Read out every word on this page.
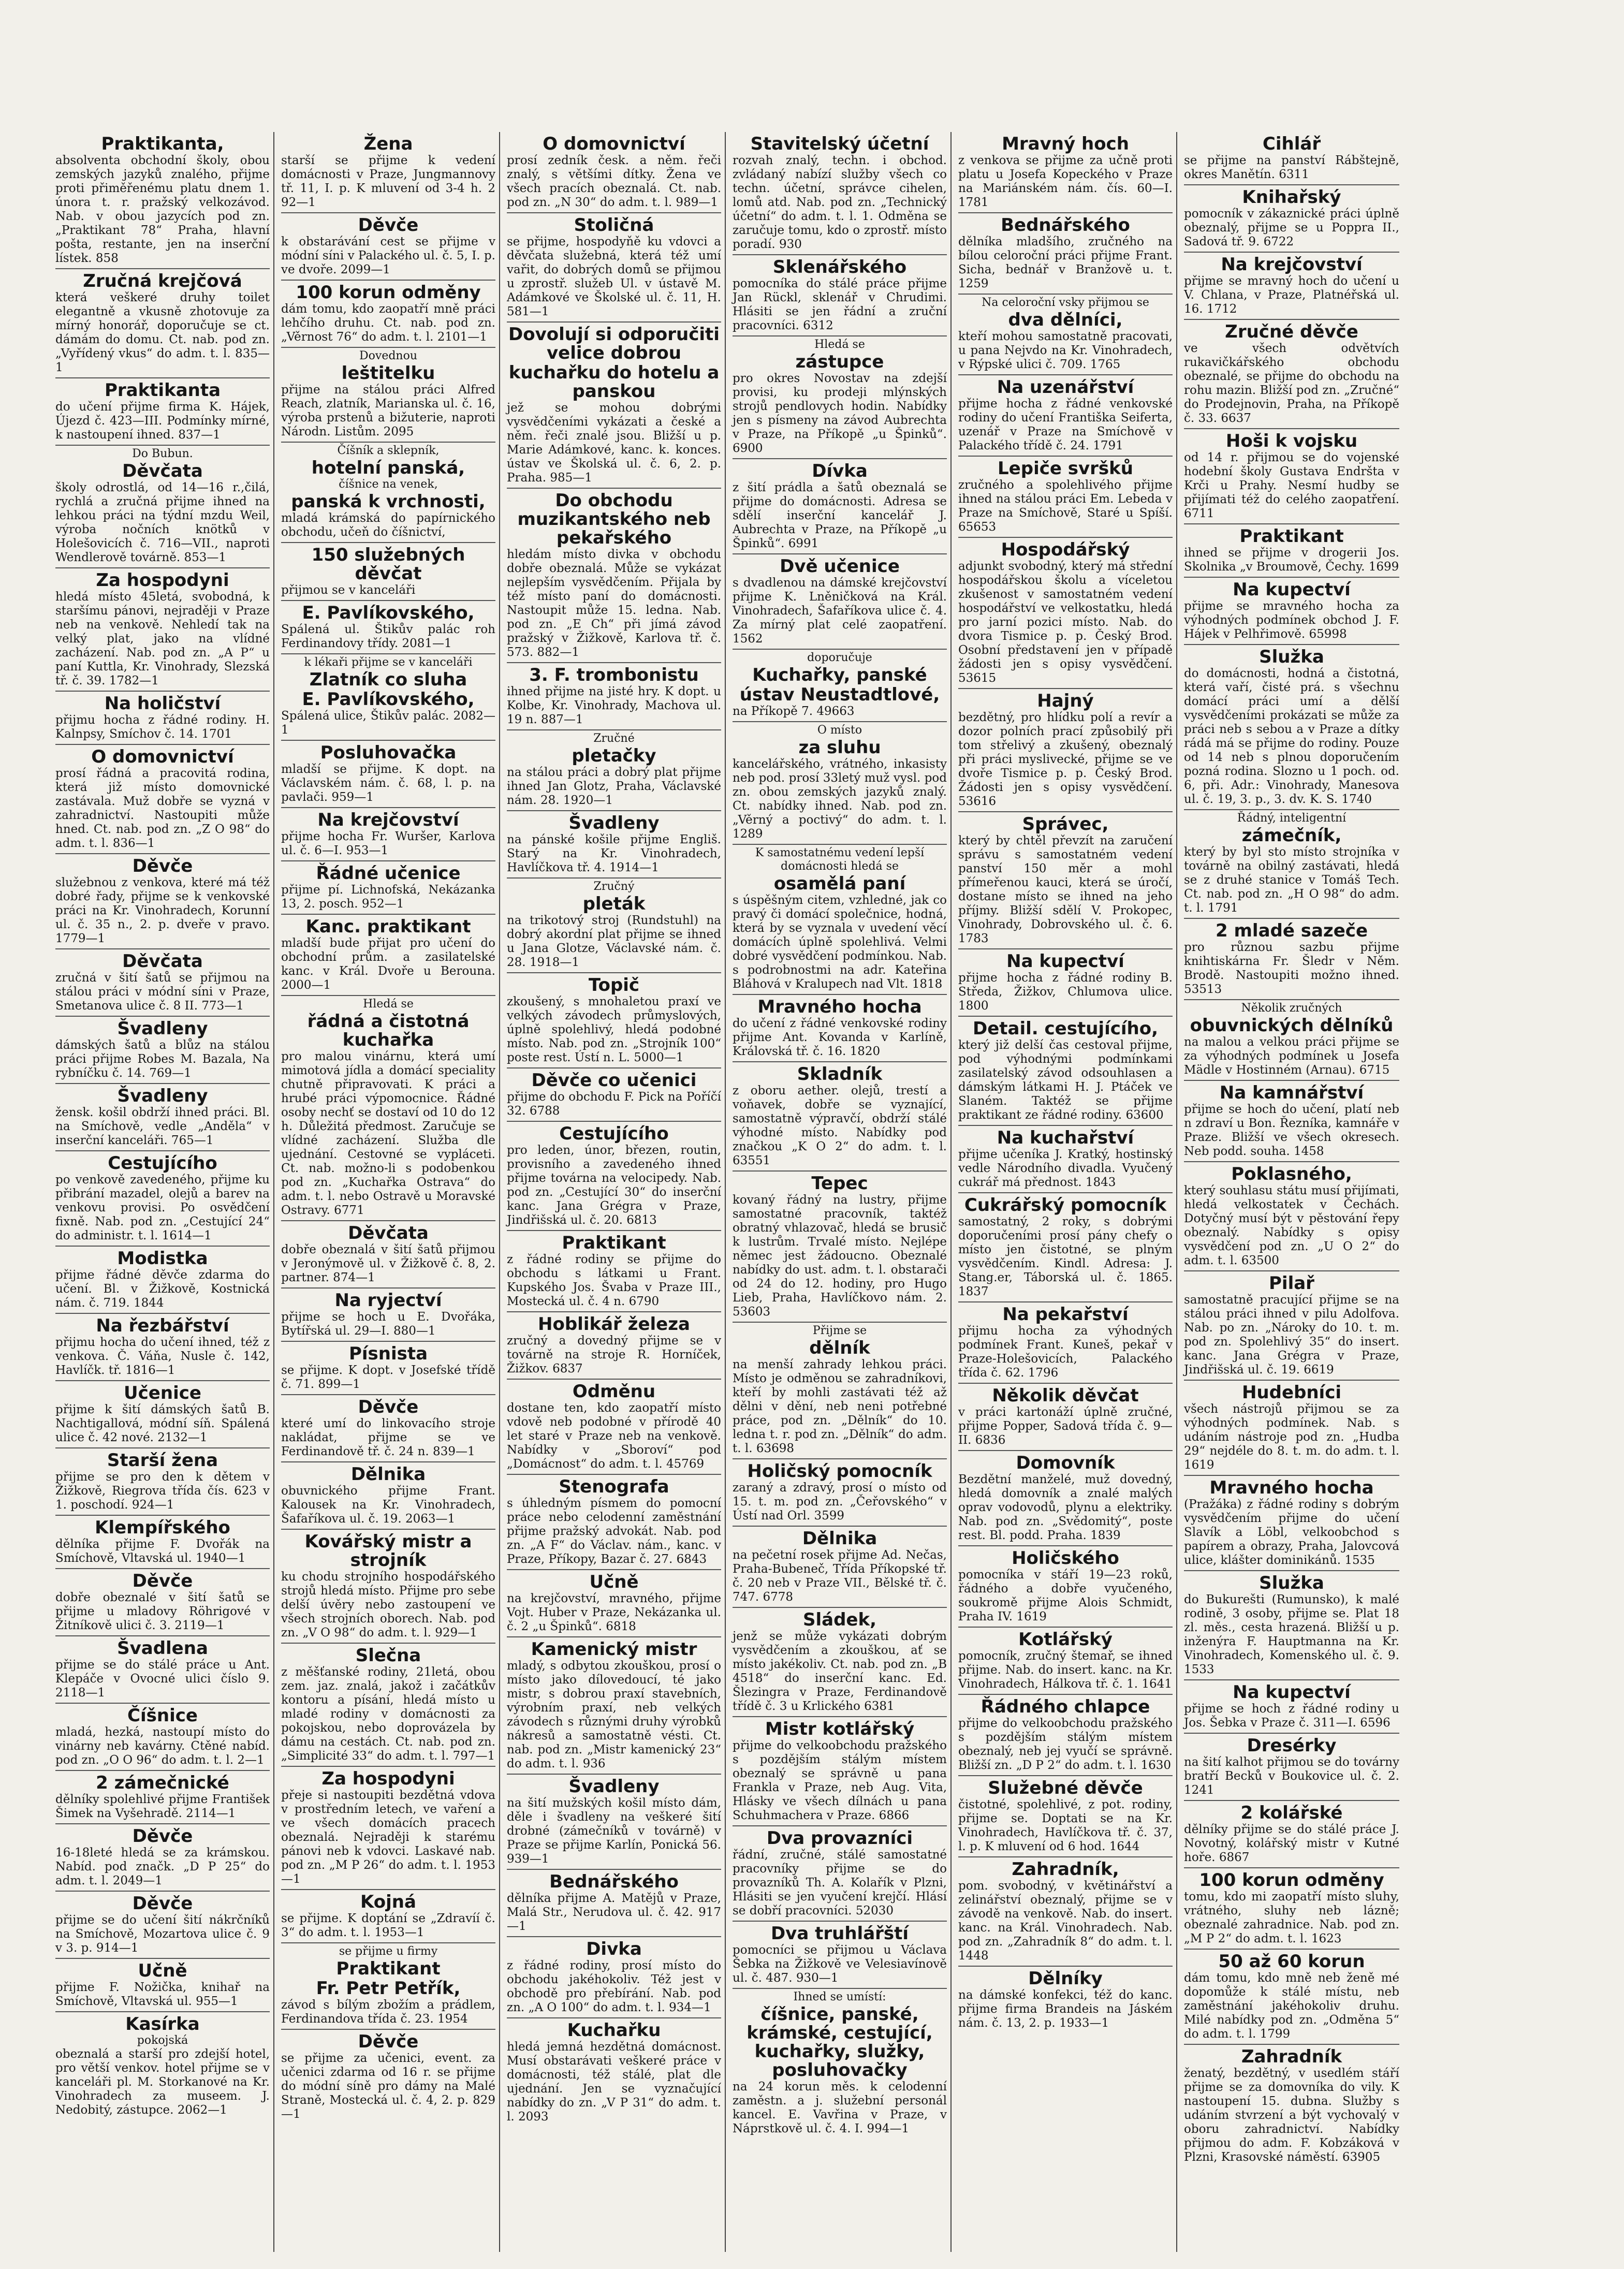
Praktikanta,
absolventa obchodní školy, obou zemských jazyků znalého, přijme proti přiměřenému platu dnem 1. února t. r. pražský velkozávod. Nab. v obou jazycích pod zn. „Praktikant 78“ Praha, hlavní pošta, restante, jen na inserční lístek. 858
Zručná krejčová
která veškeré druhy toilet elegantně a vkusně zhotovuje za mírný honorář, doporučuje se ct. dámám do domu. Ct. nab. pod zn. „Vyřídený vkus“ do adm. t. l. 835—1
Praktikanta
do učení přijme firma K. Hájek, Újezd č. 423—III. Podmínky mírné, k nastoupení ihned. 837—1
Do Bubun.
Děvčata
školy odrostlá, od 14—16 r.,čilá, rychlá a zručná přijme ihned na lehkou práci na týdní mzdu Weil, výroba nočních knötků v Holešovicích č. 716—VII., naproti Wendlerově továrně. 853—1
Za hospodyni
hledá místo 45letá, svobodná, k staršímu pánovi, nejraději v Praze neb na venkově. Nehledí tak na velký plat, jako na vlídné zacházení. Nab. pod zn. „A P“ u paní Kuttla, Kr. Vinohrady, Slezská tř. č. 39. 1782—1
Na holičství
přijmu hocha z řádné rodiny. H. Kalnpsy, Smíchov č. 14. 1701
O domovnictví
prosí řádná a pracovitá rodina, která již místo domovnické zastávala. Muž dobře se vyzná v zahradnictví. Nastoupiti může hned. Ct. nab. pod zn. „Z O 98“ do adm. t. l. 836—1
Děvče
služebnou z venkova, které má též dobré řady, přijme se k venkovské práci na Kr. Vinohradech, Korunní ul. č. 35 n., 2. p. dveře v pravo. 1779—1
Děvčata
zručná v šití šatů se přijmou na stálou práci v módní síni v Praze, Smetanova ulice č. 8 II. 773—1
Švadleny
dámských šatů a blůz na stálou práci přijme Robes M. Bazala, Na rybníčku č. 14. 769—1
Švadleny
žensk. košil obdrží ihned práci. Bl. na Smíchově, vedle „Anděla“ v inserční kanceláři. 765—1
Cestujícího
po venkově zavedeného, přijme ku přibrání mazadel, olejů a barev na venkovu provisi. Po osvědčení fixně. Nab. pod zn. „Cestující 24“ do administr. t. l. 1614—1
Modistka
přijme řádné děvče zdarma do učení. Bl. v Žižkově, Kostnická nám. č. 719. 1844
Na řezbářství
přijmu hocha do učení ihned, též z venkova. Č. Váňa, Nusle č. 142, Havlíčk. tř. 1816—1
Učenice
přijme k šití dámských šatů B. Nachtigallová, módní síň. Spálená ulice č. 42 nové. 2132—1
Starší žena
přijme se pro den k dětem v Žižkově, Riegrova třída čís. 623 v 1. poschodí. 924—1
Klempířského
dělníka přijme F. Dvořák na Smíchově, Vltavská ul. 1940—1
Děvče
dobře obeznalé v šití šatů se přijme u mladovy Röhrigové v Žitníkově ulici č. 3. 2119—1
Švadlena
přijme se do stálé práce u Ant. Klepáče v Ovocné ulici číslo 9. 2118—1
Číšnice
mladá, hezká, nastoupí místo do vinárny neb kavárny. Ctěné nabíd. pod zn. „O O 96“ do adm. t. l. 2—1
2 zámečnické
dělníky spolehlivé přijme František Šimek na Vyšehradě. 2114—1
Děvče
16-18leté hledá se za krámskou. Nabíd. pod značk. „D P 25“ do adm. t. l. 2049—1
Děvče
přijme se do učení šití nákrčníků na Smíchově, Mozartova ulice č. 9 v 3. p. 914—1
Učně
přijme F. Nožička, knihař na Smíchově, Vltavská ul. 955—1
Kasírka
pokojská
obeznalá a starší pro zdejší hotel, pro větší venkov. hotel přijme se v kanceláři pl. M. Storkanové na Kr. Vinohradech za museem. J. Nedobitý, zástupce. 2062—1
Žena
starší se přijme k vedení domácnosti v Praze, Jungmannovy tř. 11, I. p. K mluvení od 3-4 h. 2 92—1
Děvče
k obstarávání cest se přijme v módní síni v Palackého ul. č. 5, I. p. ve dvoře. 2099—1
100 korun odměny
dám tomu, kdo zaopatří mně práci lehčího druhu. Ct. nab. pod zn. „Věrnost 76“ do adm. t. l. 2101—1
Dovednou
leštitelku
přijme na stálou práci Alfred Reach, zlatník, Marianska ul. č. 16, výroba prstenů a bižuterie, naproti Národn. Listům. 2095
Číšník a sklepník,
hotelní panská,
číšnice na venek,
panská k vrchnosti,
mladá krámská do papírnického obchodu, učeň do číšnictví,
150 služebných děvčat
přijmou se v kanceláři
E. Pavlíkovského,
Spálená ul. Štikův palác roh Ferdinandovy třídy. 2081—1
k lékaři přijme se v kanceláři
Zlatník co sluha
E. Pavlíkovského,
Spálená ulice, Štikův palác. 2082—1
Posluhovačka
mladší se přijme. K dopt. na Václavském nám. č. 68, l. p. na pavlači. 959—1
Na krejčovství
přijme hocha Fr. Wuršer, Karlova ul. č. 6—I. 953—1
Řádné učenice
přijme pí. Lichnofská, Nekázanka 13, 2. posch. 952—1
Kanc. praktikant
mladší bude přijat pro učení do obchodní prům. a zasilatelské kanc. v Král. Dvoře u Berouna. 2000—1
Hledá se
řádná a čistotná kuchařka
pro malou vinárnu, která umí mimotová jídla a domácí speciality chutně připravovati. K práci a hrubé práci výpomocnice. Řádné osoby nechť se dostaví od 10 do 12 h. Důležitá předmost. Zaručuje se vlídné zacházení. Služba dle ujednání. Cestovné se vypláceti. Ct. nab. možno-li s podobenkou pod zn. „Kuchařka Ostrava“ do adm. t. l. nebo Ostravě u Moravské Ostravy. 6771
Děvčata
dobře obeznalá v šití šatů přijmou v Jeronýmově ul. v Žižkově č. 8, 2. partner. 874—1
Na ryjectví
přijme se hoch u E. Dvořáka, Bytířská ul. 29—I. 880—1
Písnista
se přijme. K dopt. v Josefské třídě č. 71. 899—1
Děvče
které umí do linkovacího stroje nakládat, přijme se ve Ferdinandově tř. č. 24 n. 839—1
Dělnika
obuvnického přijme Frant. Kalousek na Kr. Vinohradech, Šafaříkova ul. č. 19. 2063—1
Kovářský mistr a strojník
ku chodu strojního hospodářského strojů hledá místo. Přijme pro sebe delší úvěry nebo zastoupení ve všech strojních oborech. Nab. pod zn. „V O 98“ do adm. t. l. 929—1
Slečna
z měšťanské rodiny, 21letá, obou zem. jaz. znalá, jakož i začátkův kontoru a písání, hledá místo u mladé rodiny v domácnosti za pokojskou, nebo doprovázela by dámu na cestách. Ct. nab. pod zn. „Simplicité 33“ do adm. t. l. 797—1
Za hospodyni
přeje si nastoupiti bezdětná vdova v prostředním letech, ve vaření a ve všech domácích pracech obeznalá. Nejraději k starému pánovi neb k vdovci. Laskavé nab. pod zn. „M P 26“ do adm. t. l. 1953—1
Kojná
se přijme. K doptání se „Zdravíí č. 3“ do adm. t. l. 1953—1
se přijme u firmy
Praktikant
Fr. Petr Petřík,
závod s bílým zbožím a prádlem, Ferdinandova třída č. 23. 1954
Děvče
se přijme za učenici, event. za učenici zdarma od 16 r. se přijme do módní síně pro dámy na Malé Straně, Mostecká ul. č. 4, 2. p. 829—1
O domovnictví
prosí zedník česk. a něm. řeči znalý, s většími dítky. Žena ve všech pracích obeznalá. Ct. nab. pod zn. „N 30“ do adm. t. l. 989—1
Stoličná
se přijme, hospodyňě ku vdovci a děvčata služebná, která též umí vařit, do dobrých domů se přijmou u zprostř. služeb Ul. v ústavě M. Adámkové ve Školské ul. č. 11, H. 581—1
Dovolují si odporučiti velice dobrou
kuchařku do hotelu a panskou
jež se mohou dobrými vysvědčeními vykázati a české a něm. řeči znalé jsou. Bližší u p. Marie Adámkové, kanc. k. konces. ústav ve Školská ul. č. 6, 2. p. Praha. 985—1
Do obchodu muzikantského neb pekařského
hledám místo divka v obchodu dobře obeznalá. Může se vykázat nejlepším vysvědčením. Přijala by též místo paní do domácnosti. Nastoupit může 15. ledna. Nab. pod zn. „E Ch“ při jímá závod pražský v Žižkově, Karlova tř. č. 573. 882—1
3. F. trombonistu
ihned přijme na jisté hry. K dopt. u Kolbe, Kr. Vinohrady, Machova ul. 19 n. 887—1
Zručné
pletačky
na stálou práci a dobrý plat přijme ihned Jan Glotz, Praha, Václavské nám. 28. 1920—1
Švadleny
na pánské košile přijme Engliš. Starý na Kr. Vinohradech, Havlíčkova tř. 4. 1914—1
Zručný
pleták
na trikotový stroj (Rundstuhl) na dobrý akordní plat přijme se ihned u Jana Glotze, Václavské nám. č. 28. 1918—1
Topič
zkoušený, s mnohaletou praxí ve velkých závodech průmyslových, úplně spolehlivý, hledá podobné místo. Nab. pod zn. „Strojník 100“ poste rest. Ústí n. L. 5000—1
Děvče co učenici
přijme do obchodu F. Pick na Poříčí 32. 6788
Cestujícího
pro leden, únor, březen, routin, provisního a zavedeného ihned přijme továrna na velocipedy. Nab. pod zn. „Cestující 30“ do inserční kanc. Jana Grégra v Praze, Jindřišská ul. č. 20. 6813
Praktikant
z řádné rodiny se přijme do obchodu s látkami u Frant. Kupského Jos. Švaba v Praze III., Mostecká ul. č. 4 n. 6790
Hoblikář železa
zručný a dovedný přijme se v továrně na stroje R. Horníček, Žižkov. 6837
Odměnu
dostane ten, kdo zaopatří místo vdově neb podobné v přírodě 40 let staré v Praze neb na venkově. Nabídky v „Sboroví“ pod „Domácnost“ do adm. t. l. 45769
Stenografa
s úhledným písmem do pomocní práce nebo celodenní zaměstnání přijme pražský advokát. Nab. pod zn. „A F“ do Václav. nám., kanc. v Praze, Příkopy, Bazar č. 27. 6843
Učně
na krejčovství, mravného, přijme Vojt. Huber v Praze, Nekázanka ul. č. 2 „u Špinků“. 6818
Kamenický mistr
mladý, s odbytou zkouškou, prosí o místo jako dílovedoucí, té jako mistr, s dobrou praxí stavebních, výrobním praxí, neb velkých závodech s různými druhy výrobků nákresů a samostatně vésti. Ct. nab. pod zn. „Mistr kamenický 23“ do adm. t. l. 936
Švadleny
na šití mužských košil místo dám, děle i švadleny na veškeré šití drobné (zámečníků v továrně) v Praze se přijme Karlín, Ponická 56. 939—1
Bednářského
dělníka přijme A. Matějů v Praze, Malá Str., Nerudova ul. č. 42. 917—1
Divka
z řádné rodiny, prosí místo do obchodu jakéhokoliv. Též jest v obchodě pro přebírání. Nab. pod zn. „A O 100“ do adm. t. l. 934—1
Kuchařku
hledá jemná hezdětná domácnost. Musí obstarávati veškeré práce v domácnosti, též stálé, plat dle ujednání. Jen se vyznačující nabídky do zn. „V P 31“ do adm. t. l. 2093
Stavitelský účetní
rozvah znalý, techn. i obchod. zvládaný nabízí služby všech co techn. účetní, správce cihelen, lomů atd. Nab. pod zn. „Technický účetní“ do adm. t. l. 1. Odměna se zaručuje tomu, kdo o zprostř. místo poradí. 930
Sklenářského
pomocníka do stálé práce přijme Jan Rückl, sklenář v Chrudimi. Hlásiti se jen řádní a zruční pracovníci. 6312
Hledá se
zástupce
pro okres Novostav na zdejší provisi, ku prodeji mlýnských strojů pendlovych hodin. Nabídky jen s písmeny na závod Aubrechta v Praze, na Příkopě „u Špinků“. 6900
Dívka
z šití prádla a šatů obeznalá se přijme do domácnosti. Adresa se sdělí inserční kancelář J. Aubrechta v Praze, na Příkopě „u Špinků“. 6991
Dvě učenice
s dvadlenou na dámské krejčovství přijme K. Lněničková na Král. Vinohradech, Šafaříkova ulice č. 4. Za mírný plat celé zaopatření. 1562
doporučuje
Kuchařky, panské
ústav Neustadtlové,
na Příkopě 7. 49663
O místo
za sluhu
kancelářského, vrátného, inkasisty neb pod. prosí 33letý muž vysl. pod zn. obou zemských jazyků znalý. Ct. nabídky ihned. Nab. pod zn. „Věrný a poctivý“ do adm. t. l. 1289
K samostatnému vedení lepší domácnosti hledá se
osamělá paní
s úspěšným citem, vzhledné, jak co pravý či domácí společnice, hodná, která by se vyznala v uvedení věcí domácích úplně spolehlivá. Velmi dobré vysvědčení podmínkou. Nab. s podrobnostmi na adr. Kateřina Bláhová v Kralupech nad Vlt. 1818
Mravného hocha
do učení z řádné venkovské rodiny přijme Ant. Kovanda v Karlíně, Královská tř. č. 16. 1820
Skladník
z oboru aether. olejů, trestí a voňavek, dobře se vyznající, samostatně výpravčí, obdrží stálé výhodné místo. Nabídky pod značkou „K O 2“ do adm. t. l. 63551
Tepec
kovaný řádný na lustry, přijme samostatné pracovník, taktéž obratný vhlazovač, hledá se brusič k lustrům. Trvalé místo. Nejlépe němec jest žádoucno. Obeznalé nabídky do ust. adm. t. l. obstarači od 24 do 12. hodiny, pro Hugo Lieb, Praha, Havlíčkovo nám. 2. 53603
Přijme se
dělník
na menší zahrady lehkou práci. Místo je odměnou se zahradníkovi, kteří by mohli zastávati též až dělni v dění, neb neni potřebné práce, pod zn. „Dělník“ do 10. ledna t. r. pod zn. „Dělník“ do adm. t. l. 63698
Holičský pomocník
zaraný a zdravý, prosí o místo od 15. t. m. pod zn. „Čeřovského“ v Ústí nad Orl. 3599
Dělnika
na pečetní rosek přijme Ad. Nečas, Praha-Bubeneč, Třída Příkopské tř. č. 20 neb v Praze VII., Bělské tř. č. 747. 6778
Sládek,
jenž se může vykázati dobrým vysvědčením a zkouškou, ať se místo jakékoliv. Ct. nab. pod zn. „B 4518“ do inserční kanc. Ed. Šlezingra v Praze, Ferdinandově třídě č. 3 u Krlického 6381
Mistr kotlářský
přijme do velkoobchodu pražského s pozdějším stálým místem obeznalý se správně u pana Frankla v Praze, neb Aug. Vita, Hlásky ve všech dílnách u pana Schuhmachera v Praze. 6866
Dva provazníci
řádní, zručné, stálé samostatné pracovníky přijme se do provazníků Th. A. Kolařík v Plzni, Hlásiti se jen vyučení krejčí. Hlásí se dobří pracovníci. 52030
Dva truhlářští
pomocníci se přijmou u Václava Šebka na Žižkově ve Velesiavínově ul. č. 487. 930—1
Ihned se umístí:
číšnice, panské, krámské, cestující, kuchařky, služky, posluhovačky
na 24 korun měs. k celodenní zaměstn. a j. služební personál kancel. E. Vavřina v Praze, v Náprstkově ul. č. 4. I. 994—1
Mravný hoch
z venkova se přijme za učně proti platu u Josefa Kopeckého v Praze na Mariánském nám. čís. 60—I. 1781
Bednářského
dělníka mladšího, zručného na bílou celoroční práci přijme Frant. Sicha, bednář v Branžově u. t. 1259
Na celoroční vsky přijmou se
dva dělníci,
kteří mohou samostatně pracovati, u pana Nejvdo na Kr. Vinohradech, v Rýpské ulici č. 709. 1765
Na uzenářství
přijme hocha z řádné venkovské rodiny do učení Františka Seiferta, uzenář v Praze na Smíchově v Palackého třídě č. 24. 1791
Lepiče svršků
zručného a spolehlivého přijme ihned na stálou práci Em. Lebeda v Praze na Smíchově, Staré u Spíší. 65653
Hospodářský
adjunkt svobodný, který má střední hospodářskou školu a víceletou zkušenost v samostatném vedení hospodářství ve velkostatku, hledá pro jarní pozici místo. Nab. do dvora Tismice p. p. Český Brod. Osobní představení jen v případě žádosti jen s opisy vysvědčení. 53615
Hajný
bezdětný, pro hlídku polí a revír a dozor polních prací způsobilý při tom střelivý a zkušený, obeznalý při práci myslivecké, přijme se ve dvoře Tismice p. p. Český Brod. Žádosti jen s opisy vysvědčení. 53616
Správec,
který by chtěl převzít na zaručení správu s samostatném vedení panství 150 měr a mohl přímeřenou kauci, která se úročí, dostane místo se ihned na jeho příjmy. Bližší sdělí V. Prokopec, Vinohrady, Dobrovského ul. č. 6. 1783
Na kupectví
přijme hocha z řádné rodiny B. Středa, Žižkov, Chlumova ulice. 1800
Detail. cestujícího,
který již delší čas cestoval přijme, pod výhodnými podmínkami zasilatelský závod odsouhlasen a dámským látkami H. J. Ptáček ve Slaném. Taktéž se přijme praktikant ze řádné rodiny. 63600
Na kuchařství
přijme učeníka J. Kratký, hostinský vedle Národního divadla. Vyučený cukrář má přednost. 1843
Cukrářský pomocník
samostatný, 2 roky, s dobrými doporučeními prosí pány chefy o místo jen čistotné, se plným vysvědčením. Kindl. Adresa: J. Stang.er, Táborská ul. č. 1865. 1837
Na pekařství
přijmu hocha za výhodných podmínek Frant. Kuneš, pekař v Praze-Holešovicích, Palackého třída č. 62. 1796
Několik děvčat
v práci kartonáží úplně zručné, přijme Popper, Sadová třída č. 9—II. 6836
Domovník
Bezdětní manželé, muž dovedný, hledá domovník a znalé malých oprav vodovodů, plynu a elektriky. Nab. pod zn. „Svědomitý“, poste rest. Bl. podd. Praha. 1839
Holičského
pomocníka v stáří 19—23 roků, řádného a dobře vyučeného, soukromě přijme Alois Schmidt, Praha IV. 1619
Kotlářský
pomocník, zručný štemař, se ihned přijme. Nab. do insert. kanc. na Kr. Vinohradech, Hálkova tř. č. 1. 1641
Řádného chlapce
přijme do velkoobchodu pražského s pozdějším stálým místem obeznalý, neb jej vyučí se správně. Bližší zn. „D P 2“ do adm. t. l. 1630
Služebné děvče
čistotné, spolehlivé, z pot. rodiny, přijme se. Doptati se na Kr. Vinohradech, Havlíčkova tř. č. 37, l. p. K mluvení od 6 hod. 1644
Zahradník,
pom. svobodný, v květinářství a zelinářství obeznalý, přijme se v závodě na venkově. Nab. do insert. kanc. na Král. Vinohradech. Nab. pod zn. „Zahradník 8“ do adm. t. l. 1448
Dělníky
na dámské konfekci, též do kanc. přijme firma Brandeis na Jáském nám. č. 13, 2. p. 1933—1
Cihlář
se přijme na panství Rábštejně, okres Manětín. 6311
Knihařský
pomocník v zákaznické práci úplně obeznalý, přijme se u Poppra II., Sadová tř. 9. 6722
Na krejčovství
přijme se mravný hoch do učení u V. Chlana, v Praze, Platnéřská ul. 16. 1712
Zručné děvče
ve všech odvětvích rukavičkářského obchodu obeznalé, se přijme do obchodu na rohu mazin. Bližší pod zn. „Zručné“ do Prodejnovin, Praha, na Příkopě č. 33. 6637
Hoši k vojsku
od 14 r. přijmou se do vojenské hodební školy Gustava Endršta v Krči u Prahy. Nesmí hudby se přijímati též do celého zaopatření. 6711
Praktikant
ihned se přijme v drogerii Jos. Skolnika „v Broumově, Čechy. 1699
Na kupectví
přijme se mravného hocha za výhodných podmínek obchod J. F. Hájek v Pelhřimově. 65998
Služka
do domácnosti, hodná a čistotná, která vaří, čisté prá. s všechnu domácí práci umí a dělší vysvědčeními prokázati se může za práci neb s sebou a v Praze a dítky rádá má se přijme do rodiny. Pouze od 14 neb s plnou doporučením pozná rodina. Slozno u 1 poch. od. 6, při. Adr.: Vinohrady, Manesova ul. č. 19, 3. p., 3. dv. K. S. 1740
Řádný, inteligentní
zámečník,
který by byl sto místo strojníka v továrně na obilný zastávati, hledá se z druhé stanice v Tomáš Tech. Ct. nab. pod zn. „H O 98“ do adm. t. l. 1791
2 mladé sazeče
pro různou sazbu přijme knihtiskárna Fr. Šledr v Něm. Brodě. Nastoupiti možno ihned. 53513
Několik zručných
obuvnických dělníků
na malou a velkou práci přijme se za výhodných podmínek u Josefa Mädle v Hostinném (Arnau). 6715
Na kamnářství
přijme se hoch do učení, platí neb n zdraví u Bon. Řezníka, kamnáře v Praze. Bližší ve všech okresech. Neb podd. souha. 1458
Poklasného,
který souhlasu státu musí přijímati, hledá velkostatek v Čechách. Dotyčný musí být v pěstování řepy obeznalý. Nabídky s opisy vysvědčení pod zn. „U O 2“ do adm. t. l. 63500
Pilař
samostatně pracující přijme se na stálou práci ihned v pilu Adolfova. Nab. po zn. „Nároky do 10. t. m. pod zn. Spolehlivý 35“ do insert. kanc. Jana Grégra v Praze, Jindřišská ul. č. 19. 6619
Hudebníci
všech nástrojů přijmou se za výhodných podmínek. Nab. s udáním nástroje pod zn. „Hudba 29“ nejdéle do 8. t. m. do adm. t. l. 1619
Mravného hocha
(Pražáka) z řádné rodiny s dobrým vysvědčením přijme do učení Slavík a Löbl, velkoobchod s papírem a obrazy, Praha, Jalovcová ulice, klášter dominikánů. 1535
Služka
do Bukurešti (Rumunsko), k malé rodině, 3 osoby, přijme se. Plat 18 zl. měs., cesta hrazená. Bližší u p. inženýra F. Hauptmanna na Kr. Vinohradech, Komenského ul. č. 9. 1533
Na kupectví
přijme se hoch z řádné rodiny u Jos. Šebka v Praze č. 311—I. 6596
Dresérky
na šití kalhot přijmou se do továrny bratří Becků v Boukovice ul. č. 2. 1241
2 kolářské
dělníky přijme se do stálé práce J. Novotný, kolářský mistr v Kutné hoře. 6867
100 korun odměny
tomu, kdo mi zaopatří místo sluhy, vrátného, sluhy neb lázně; obeznalé zahradnice. Nab. pod zn. „M P 2“ do adm. t. l. 1623
50 až 60 korun
dám tomu, kdo mně neb ženě mé dopomůže k stálé místu, neb zaměstnání jakéhokoliv druhu. Milé nabídky pod zn. „Odměna 5“ do adm. t. l. 1799
Zahradník
ženatý, bezdětný, v usedlém stáří přijme se za domovníka do vily. K nastoupení 15. dubna. Služby s udáním stvrzení a být vychovalý v oboru zahradnictví. Nabídky přijmou do adm. F. Kobzáková v Plzni, Krasovské náměstí. 63905
